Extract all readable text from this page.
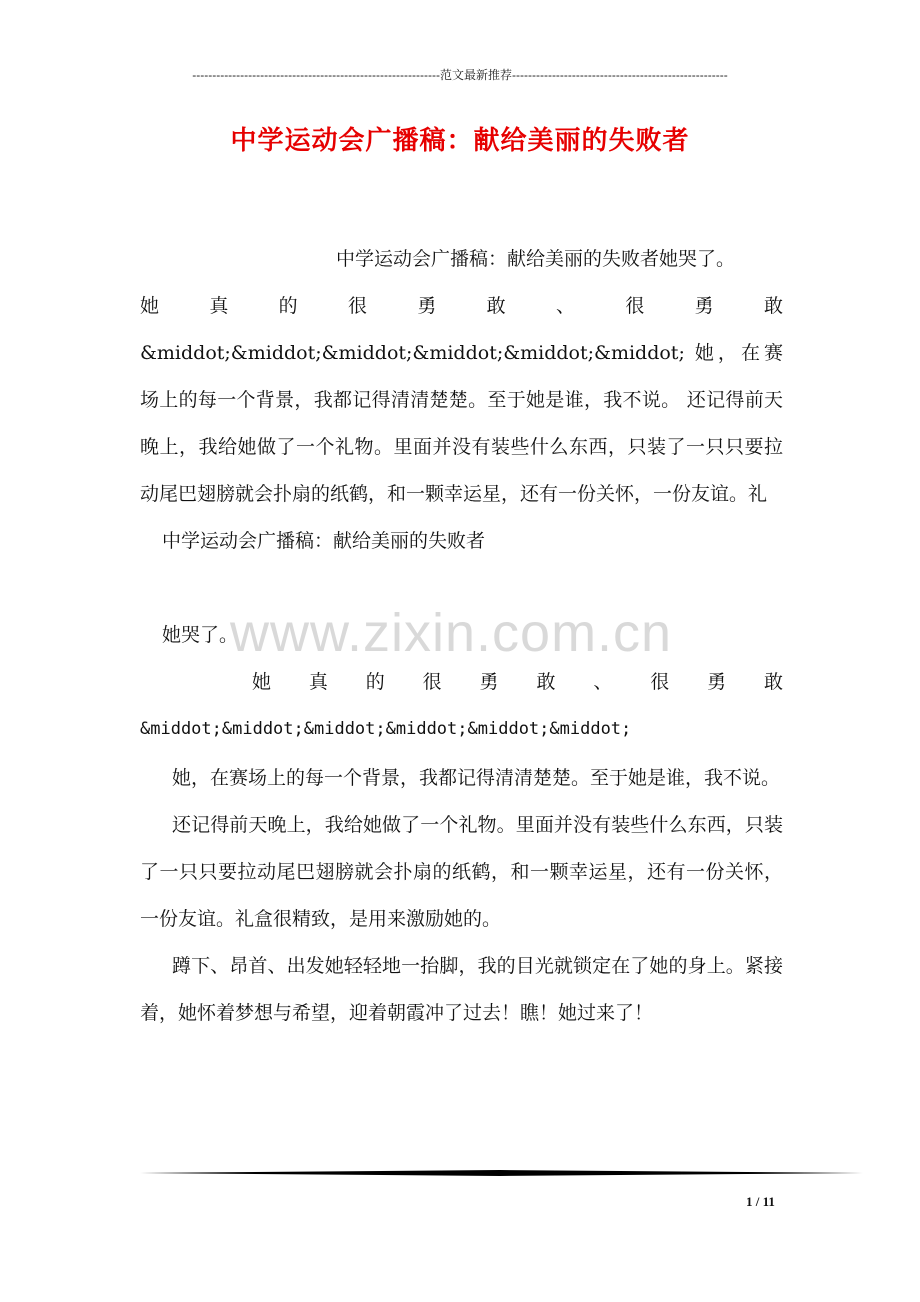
--------------------------------------------------------------范文最新推荐------------------------------------------------------
中学运动会广播稿：献给美丽的失败者
www.zixin.com.cn

中学运动会广播稿：献给美丽的失败者她哭了。

她 真 的 很 勇 敢 、 很 勇 敢

&middot;&middot;&middot;&middot;&middot;&middot; 她，在赛场上的每一个背景，我都记得清清楚楚。至于她是谁，我不说。 还记得前天晚上，我给她做了一个礼物。里面并没有装些什么东西，只装了一只只要拉动尾巴翅膀就会扑扇的纸鹤，和一颗幸运星，还有一份关怀，一份友谊。礼

中学运动会广播稿：献给美丽的失败者

她哭了。

她 真 的 很 勇 敢 、 很 勇 敢

&middot;&middot;&middot;&middot;&middot;&middot;

她，在赛场上的每一个背景，我都记得清清楚楚。至于她是谁，我不说。

还记得前天晚上，我给她做了一个礼物。里面并没有装些什么东西，只装了一只只要拉动尾巴翅膀就会扑扇的纸鹤，和一颗幸运星，还有一份关怀，一份友谊。礼盒很精致，是用来激励她的。

蹲下、昂首、出发她轻轻地一抬脚，我的目光就锁定在了她的身上。紧接着，她怀着梦想与希望，迎着朝霞冲了过去！瞧！她过来了！

1 / 11
